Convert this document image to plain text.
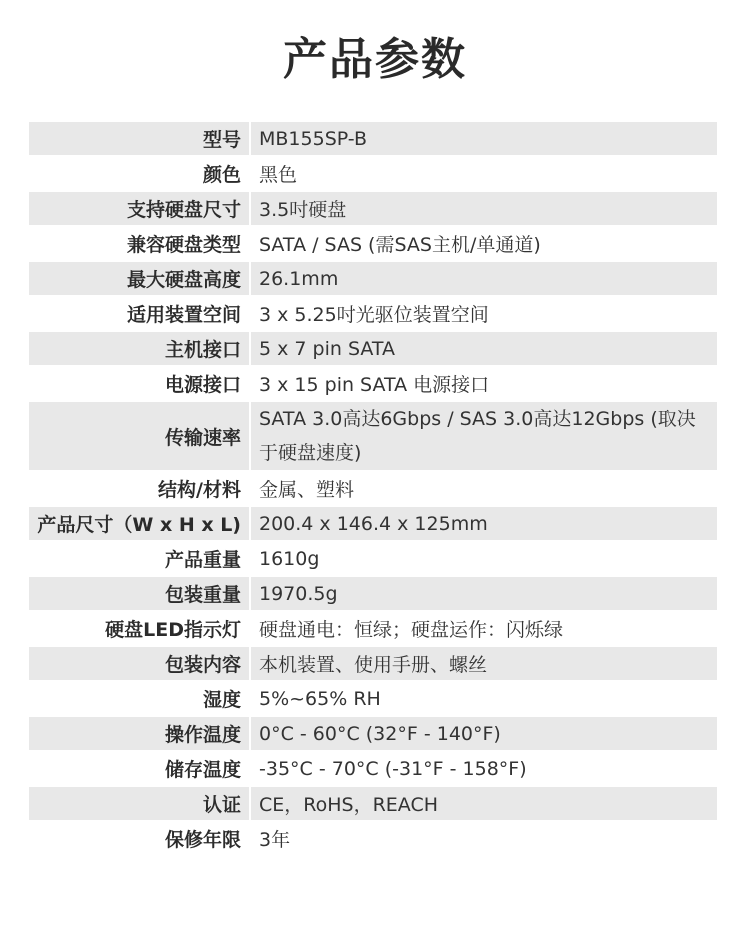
产品参数
型号 MB155SP-B
颜色 黑色
支持硬盘尺寸 3.5吋硬盘
兼容硬盘类型 SATA / SAS (需SAS主机/单通道)
最大硬盘高度 26.1mm
适用装置空间 3 x 5.25吋光驱位装置空间
主机接口 5 x 7 pin SATA
电源接口 3 x 15 pin SATA 电源接口
传输速率
SATA 3.0高达6Gbps / SAS 3.0高达12Gbps (取决于硬盘速度)
结构/材料 金属、塑料
产品尺寸（W x H x L) 200.4 x 146.4 x 125mm
产品重量 1610g
包装重量 1970.5g
硬盘LED指示灯 硬盘通电：恒绿；硬盘运作：闪烁绿
包装内容 本机装置、使用手册、螺丝
湿度 5%~65% RH
操作温度 0°C - 60°C (32°F - 140°F)
储存温度 -35°C - 70°C (-31°F - 158°F)
认证 CE，RoHS，REACH
保修年限 3年
